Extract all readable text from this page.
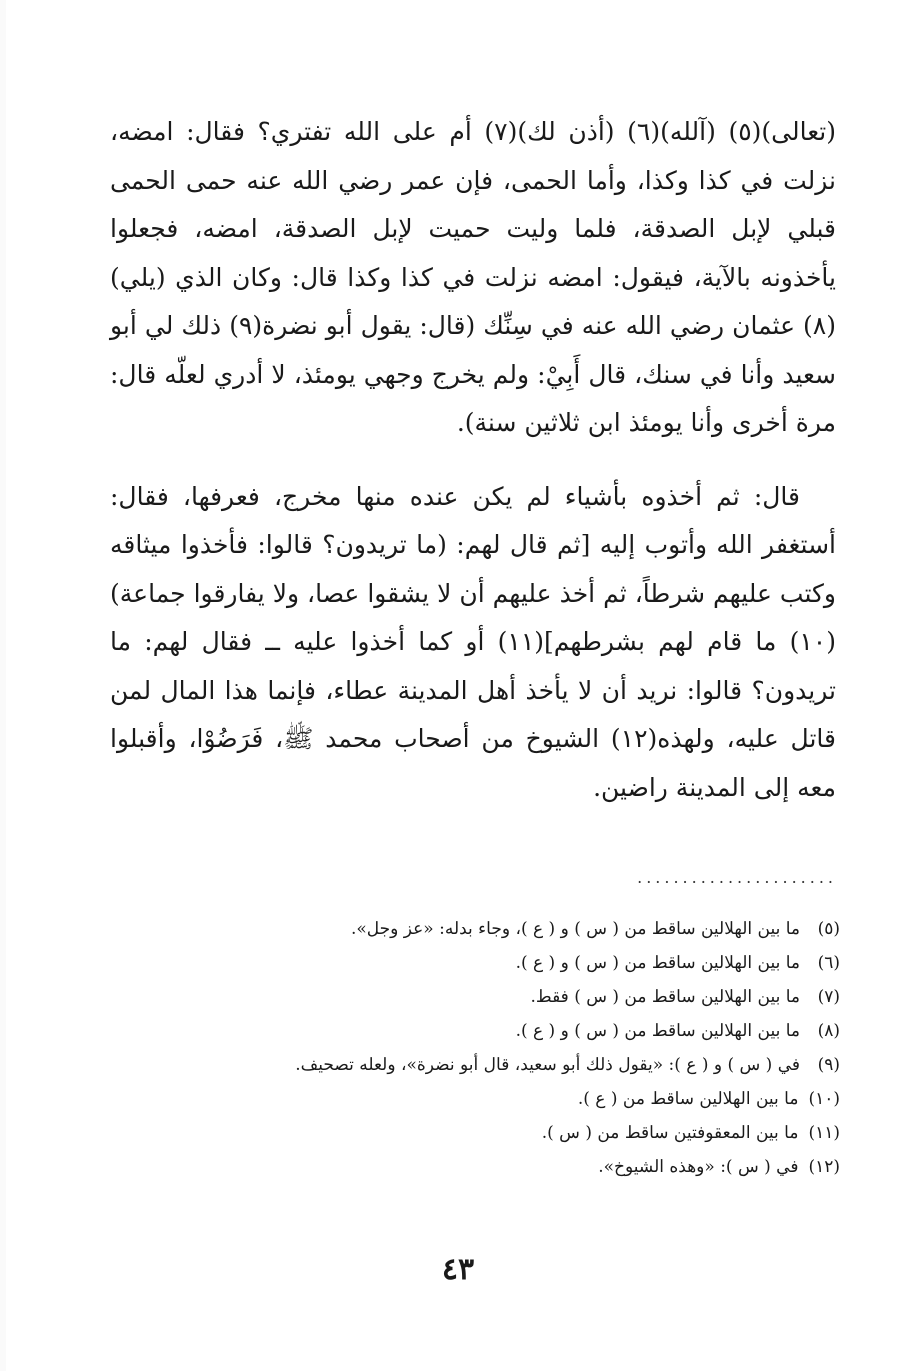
(تعالى)(٥) (آلله)(٦) (أذن لك)(٧) أم على الله تفتري؟ فقال: امضه، نزلت في كذا وكذا، وأما الحمى، فإن عمر رضي الله عنه حمى الحمى قبلي لإبل الصدقة، فلما وليت حميت لإبل الصدقة، امضه، فجعلوا يأخذونه بالآية، فيقول: امضه نزلت في كذا وكذا قال: وكان الذي (يلي)(٨) عثمان رضي الله عنه في سِنِّك (قال: يقول أبو نضرة(٩) ذلك لي أبو سعيد وأنا في سنك، قال أَبِيْ: ولم يخرج وجهي يومئذ، لا أدري لعلّه قال: مرة أخرى وأنا يومئذ ابن ثلاثين سنة).

قال: ثم أخذوه بأشياء لم يكن عنده منها مخرج، فعرفها، فقال: أستغفر الله وأتوب إليه [ثم قال لهم: (ما تريدون؟ قالوا: فأخذوا ميثاقه وكتب عليهم شرطاً، ثم أخذ عليهم أن لا يشقوا عصا، ولا يفارقوا جماعة)(١٠) ما قام لهم بشرطهم](١١) أو كما أخذوا عليه ــ فقال لهم: ما تريدون؟ قالوا: نريد أن لا يأخذ أهل المدينة عطاء، فإنما هذا المال لمن قاتل عليه، ولهذه(١٢) الشيوخ من أصحاب محمد ﷺ، فَرَضُوْا، وأقبلوا معه إلى المدينة راضين.

......................
(٥)ما بين الهلالين ساقط من ( س ) و ( ع )، وجاء بدله: «عز وجل».
(٦)ما بين الهلالين ساقط من ( س ) و ( ع ).
(٧)ما بين الهلالين ساقط من ( س ) فقط.
(٨)ما بين الهلالين ساقط من ( س ) و ( ع ).
(٩)في ( س ) و ( ع ): «يقول ذلك أبو سعيد، قال أبو نضرة»، ولعله تصحيف.
(١٠)ما بين الهلالين ساقط من ( ع ).
(١١)ما بين المعقوفتين ساقط من ( س ).
(١٢)في ( س ): «وهذه الشيوخ».
٤٣
